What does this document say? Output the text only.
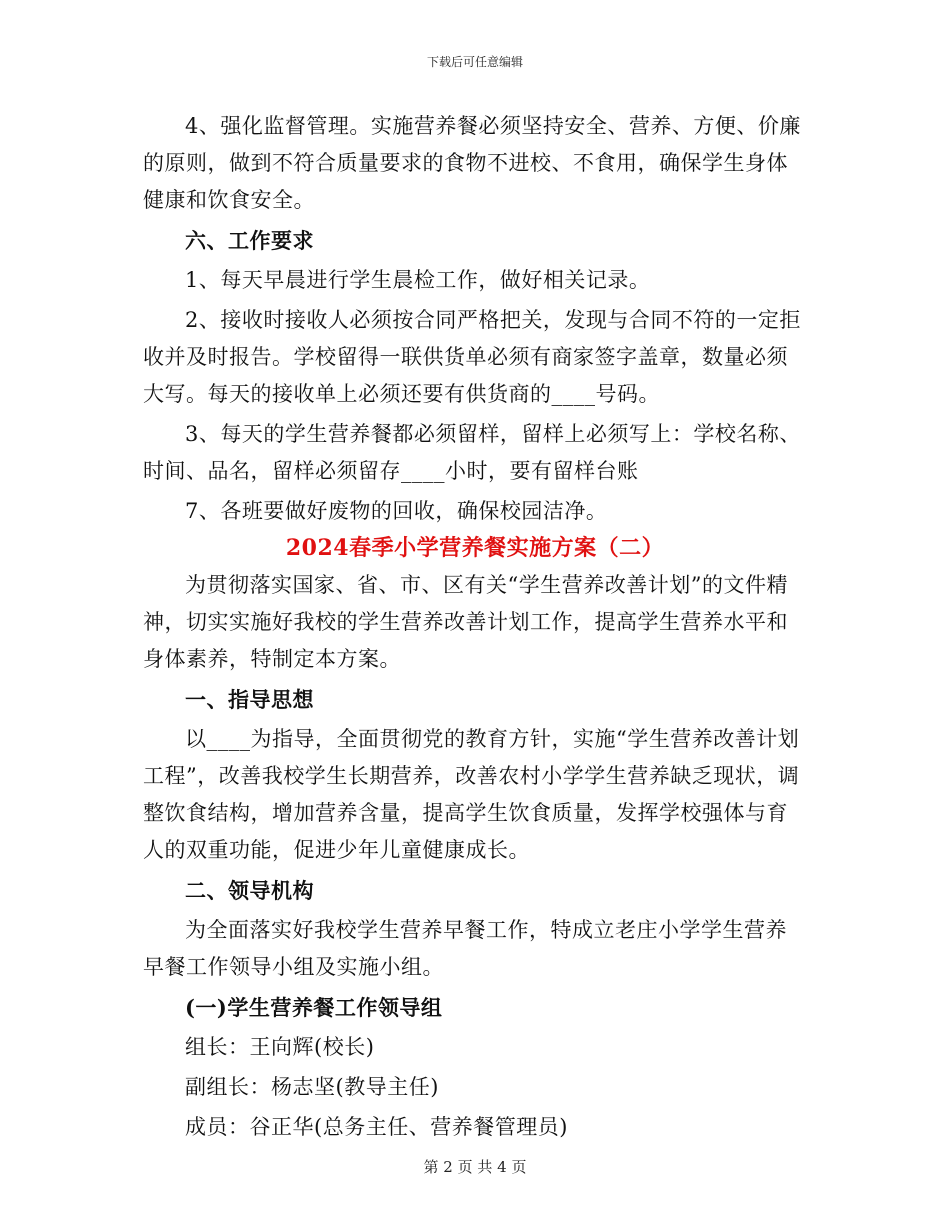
下载后可任意编辑

4、强化监督管理。实施营养餐必须坚持安全、营养、方便、价廉的原则，做到不符合质量要求的食物不进校、不食用，确保学生身体健康和饮食安全。

六、工作要求

1、每天早晨进行学生晨检工作，做好相关记录。

2、接收时接收人必须按合同严格把关，发现与合同不符的一定拒收并及时报告。学校留得一联供货单必须有商家签字盖章，数量必须大写。每天的接收单上必须还要有供货商的____号码。

3、每天的学生营养餐都必须留样，留样上必须写上：学校名称、时间、品名，留样必须留存____小时，要有留样台账

7、各班要做好废物的回收，确保校园洁净。

2024春季小学营养餐实施方案（二）

为贯彻落实国家、省、市、区有关“学生营养改善计划”的文件精神，切实实施好我校的学生营养改善计划工作，提高学生营养水平和身体素养，特制定本方案。

一、指导思想

以____为指导，全面贯彻党的教育方针，实施“学生营养改善计划工程”，改善我校学生长期营养，改善农村小学学生营养缺乏现状，调整饮食结构，增加营养含量，提高学生饮食质量，发挥学校强体与育人的双重功能，促进少年儿童健康成长。

二、领导机构

为全面落实好我校学生营养早餐工作，特成立老庄小学学生营养早餐工作领导小组及实施小组。

(一)学生营养餐工作领导组

组长：王向辉(校长)

副组长：杨志坚(教导主任)

成员：谷正华(总务主任、营养餐管理员)

第 2 页 共 4 页
